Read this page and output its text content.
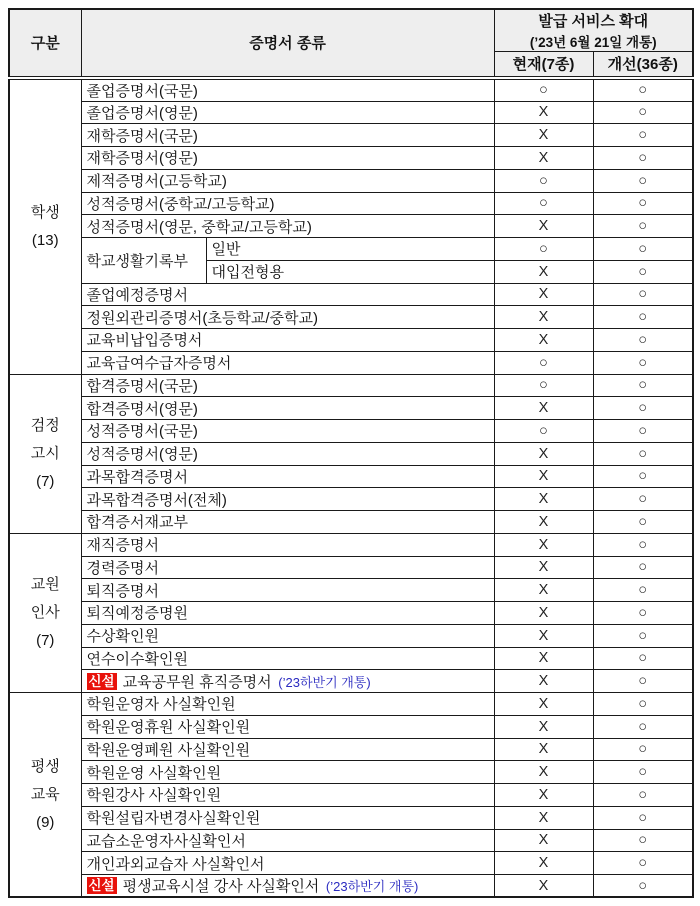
구분	증명서 종류		발급 서비스 확대
(’23년 6월 21일 개통)	

			현재(7종)	개선(36종)

학생
(13)	졸업증명서(국문)		○	○
	졸업증명서(영문)		X	○
	재학증명서(국문)		X	○
	재학증명서(영문)		X	○
	제적증명서(고등학교)		○	○
	성적증명서(중학교/고등학교)		○	○
	성적증명서(영문, 중학교/고등학교)		X	○
	학교생활기록부	일반	○	○
		대입전형용	X	○
	졸업예정증명서		X	○
	정원외관리증명서(초등학교/중학교)		X	○
	교육비납입증명서		X	○
	교육급여수급자증명서		○	○

검정
고시
(7)	합격증명서(국문)		○	○
	합격증명서(영문)		X	○
	성적증명서(국문)		○	○
	성적증명서(영문)		X	○
	과목합격증명서		X	○
	과목합격증명서(전체)		X	○
	합격증서재교부		X	○

교원
인사
(7)	재직증명서		X	○
	경력증명서		X	○
	퇴직증명서		X	○
	퇴직예정증명원		X	○
	수상확인원		X	○
	연수이수확인원		X	○
	신설 교육공무원 휴직증명서 (’23하반기 개통)		X	○

평생
교육
(9)	학원운영자 사실확인원		X	○
	학원운영휴원 사실확인원		X	○
	학원운영폐원 사실확인원		X	○
	학원운영 사실확인원		X	○
	학원강사 사실확인원		X	○
	학원설립자변경사실확인원		X	○
	교습소운영자사실확인서		X	○
	개인과외교습자 사실확인서		X	○
	신설 평생교육시설 강사 사실확인서 (’23하반기 개통)		X	○
